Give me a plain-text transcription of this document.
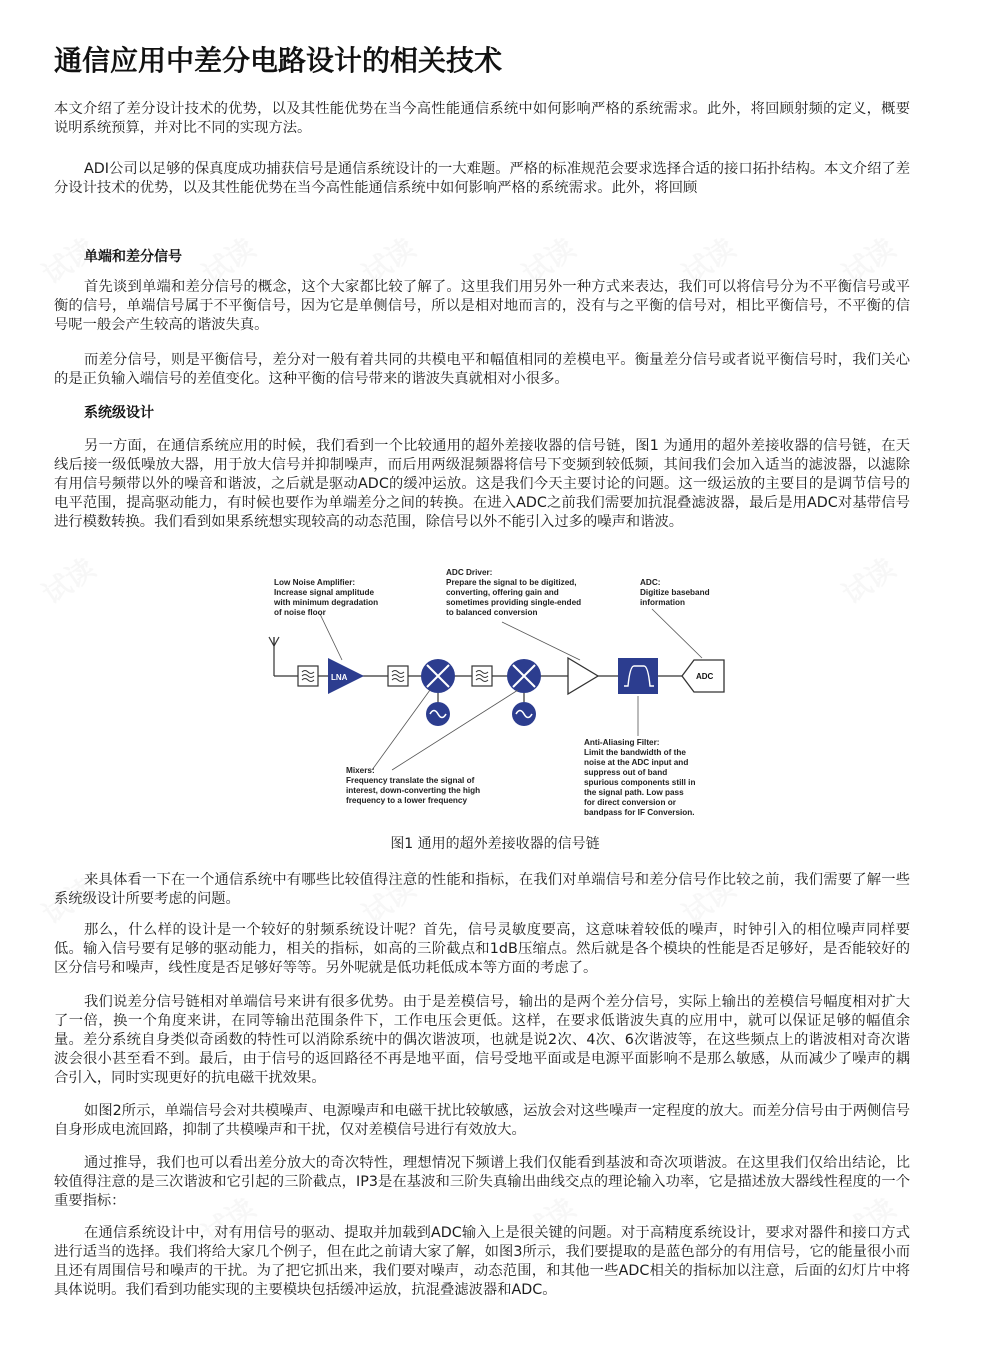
通信应用中差分电路设计的相关技术
本文介绍了差分设计技术的优势，以及其性能优势在当今高性能通信系统中如何影响严格的系统需求。此外，将回顾射频的定义，概要说明系统预算，并对比不同的实现方法。
ADI公司以足够的保真度成功捕获信号是通信系统设计的一大难题。严格的标准规范会要求选择合适的接口拓扑结构。本文介绍了差分设计技术的优势，以及其性能优势在当今高性能通信系统中如何影响严格的系统需求。此外，将回顾
单端和差分信号
首先谈到单端和差分信号的概念，这个大家都比较了解了。这里我们用另外一种方式来表达，我们可以将信号分为不平衡信号或平衡的信号，单端信号属于不平衡信号，因为它是单侧信号，所以是相对地而言的，没有与之平衡的信号对，相比平衡信号，不平衡的信号呢一般会产生较高的谐波失真。
而差分信号，则是平衡信号，差分对一般有着共同的共模电平和幅值相同的差模电平。衡量差分信号或者说平衡信号时，我们关心的是正负输入端信号的差值变化。这种平衡的信号带来的谐波失真就相对小很多。
系统级设计
另一方面，在通信系统应用的时候，我们看到一个比较通用的超外差接收器的信号链，图1 为通用的超外差接收器的信号链，在天线后接一级低噪放大器，用于放大信号并抑制噪声，而后用两级混频器将信号下变频到较低频，其间我们会加入适当的滤波器，以滤除有用信号频带以外的噪音和谐波，之后就是驱动ADC的缓冲运放。这是我们今天主要讨论的问题。这一级运放的主要目的是调节信号的电平范围，提高驱动能力，有时候也要作为单端差分之间的转换。在进入ADC之前我们需要加抗混叠滤波器，最后是用ADC对基带信号进行模数转换。我们看到如果系统想实现较高的动态范围，除信号以外不能引入过多的噪声和谐波。
LNA	ADC
Low Noise Amplifier:
Increase signal amplitude
with minimum degradation
of noise floor
ADC Driver:
Prepare the signal to be digitized,
converting, offering gain and
sometimes providing single-ended
to balanced conversion
ADC:
Digitize baseband
information
Mixers:
Frequency translate the signal of
interest, down-converting the high
frequency to a lower frequency
Anti-Aliasing Filter:
Limit the bandwidth of the
noise at the ADC input and
suppress out of band
spurious components still in
the signal path. Low pass
for direct conversion or
bandpass for IF Conversion.
图1 通用的超外差接收器的信号链
来具体看一下在一个通信系统中有哪些比较值得注意的性能和指标，在我们对单端信号和差分信号作比较之前，我们需要了解一些系统级设计所要考虑的问题。
那么，什么样的设计是一个较好的射频系统设计呢？首先，信号灵敏度要高，这意味着较低的噪声，时钟引入的相位噪声同样要低。输入信号要有足够的驱动能力，相关的指标，如高的三阶截点和1dB压缩点。然后就是各个模块的性能是否足够好，是否能较好的区分信号和噪声，线性度是否足够好等等。另外呢就是低功耗低成本等方面的考虑了。
我们说差分信号链相对单端信号来讲有很多优势。由于是差模信号，输出的是两个差分信号，实际上输出的差模信号幅度相对扩大了一倍，换一个角度来讲，在同等输出范围条件下，工作电压会更低。这样，在要求低谐波失真的应用中，就可以保证足够的幅值余量。差分系统自身类似奇函数的特性可以消除系统中的偶次谐波项，也就是说2次、4次、6次谐波等，在这些频点上的谐波相对奇次谐波会很小甚至看不到。最后，由于信号的返回路径不再是地平面，信号受地平面或是电源平面影响不是那么敏感，从而减少了噪声的耦合引入，同时实现更好的抗电磁干扰效果。
如图2所示，单端信号会对共模噪声、电源噪声和电磁干扰比较敏感，运放会对这些噪声一定程度的放大。而差分信号由于两侧信号自身形成电流回路，抑制了共模噪声和干扰，仅对差模信号进行有效放大。
通过推导，我们也可以看出差分放大的奇次特性，理想情况下频谱上我们仅能看到基波和奇次项谐波。在这里我们仅给出结论，比较值得注意的是三次谐波和它引起的三阶截点，IP3是在基波和三阶失真输出曲线交点的理论输入功率，它是描述放大器线性程度的一个重要指标：
在通信系统设计中，对有用信号的驱动、提取并加载到ADC输入上是很关键的问题。对于高精度系统设计，要求对器件和接口方式进行适当的选择。我们将给大家几个例子，但在此之前请大家了解，如图3所示，我们要提取的是蓝色部分的有用信号，它的能量很小而且还有周围信号和噪声的干扰。为了把它抓出来，我们要对噪声，动态范围，和其他一些ADC相关的指标加以注意，后面的幻灯片中将具体说明。我们看到功能实现的主要模块包括缓冲运放，抗混叠滤波器和ADC。
试读	试读	试读	试读	试读	试读
试读	试读
试读	试读	试读
试读	试读	试读
